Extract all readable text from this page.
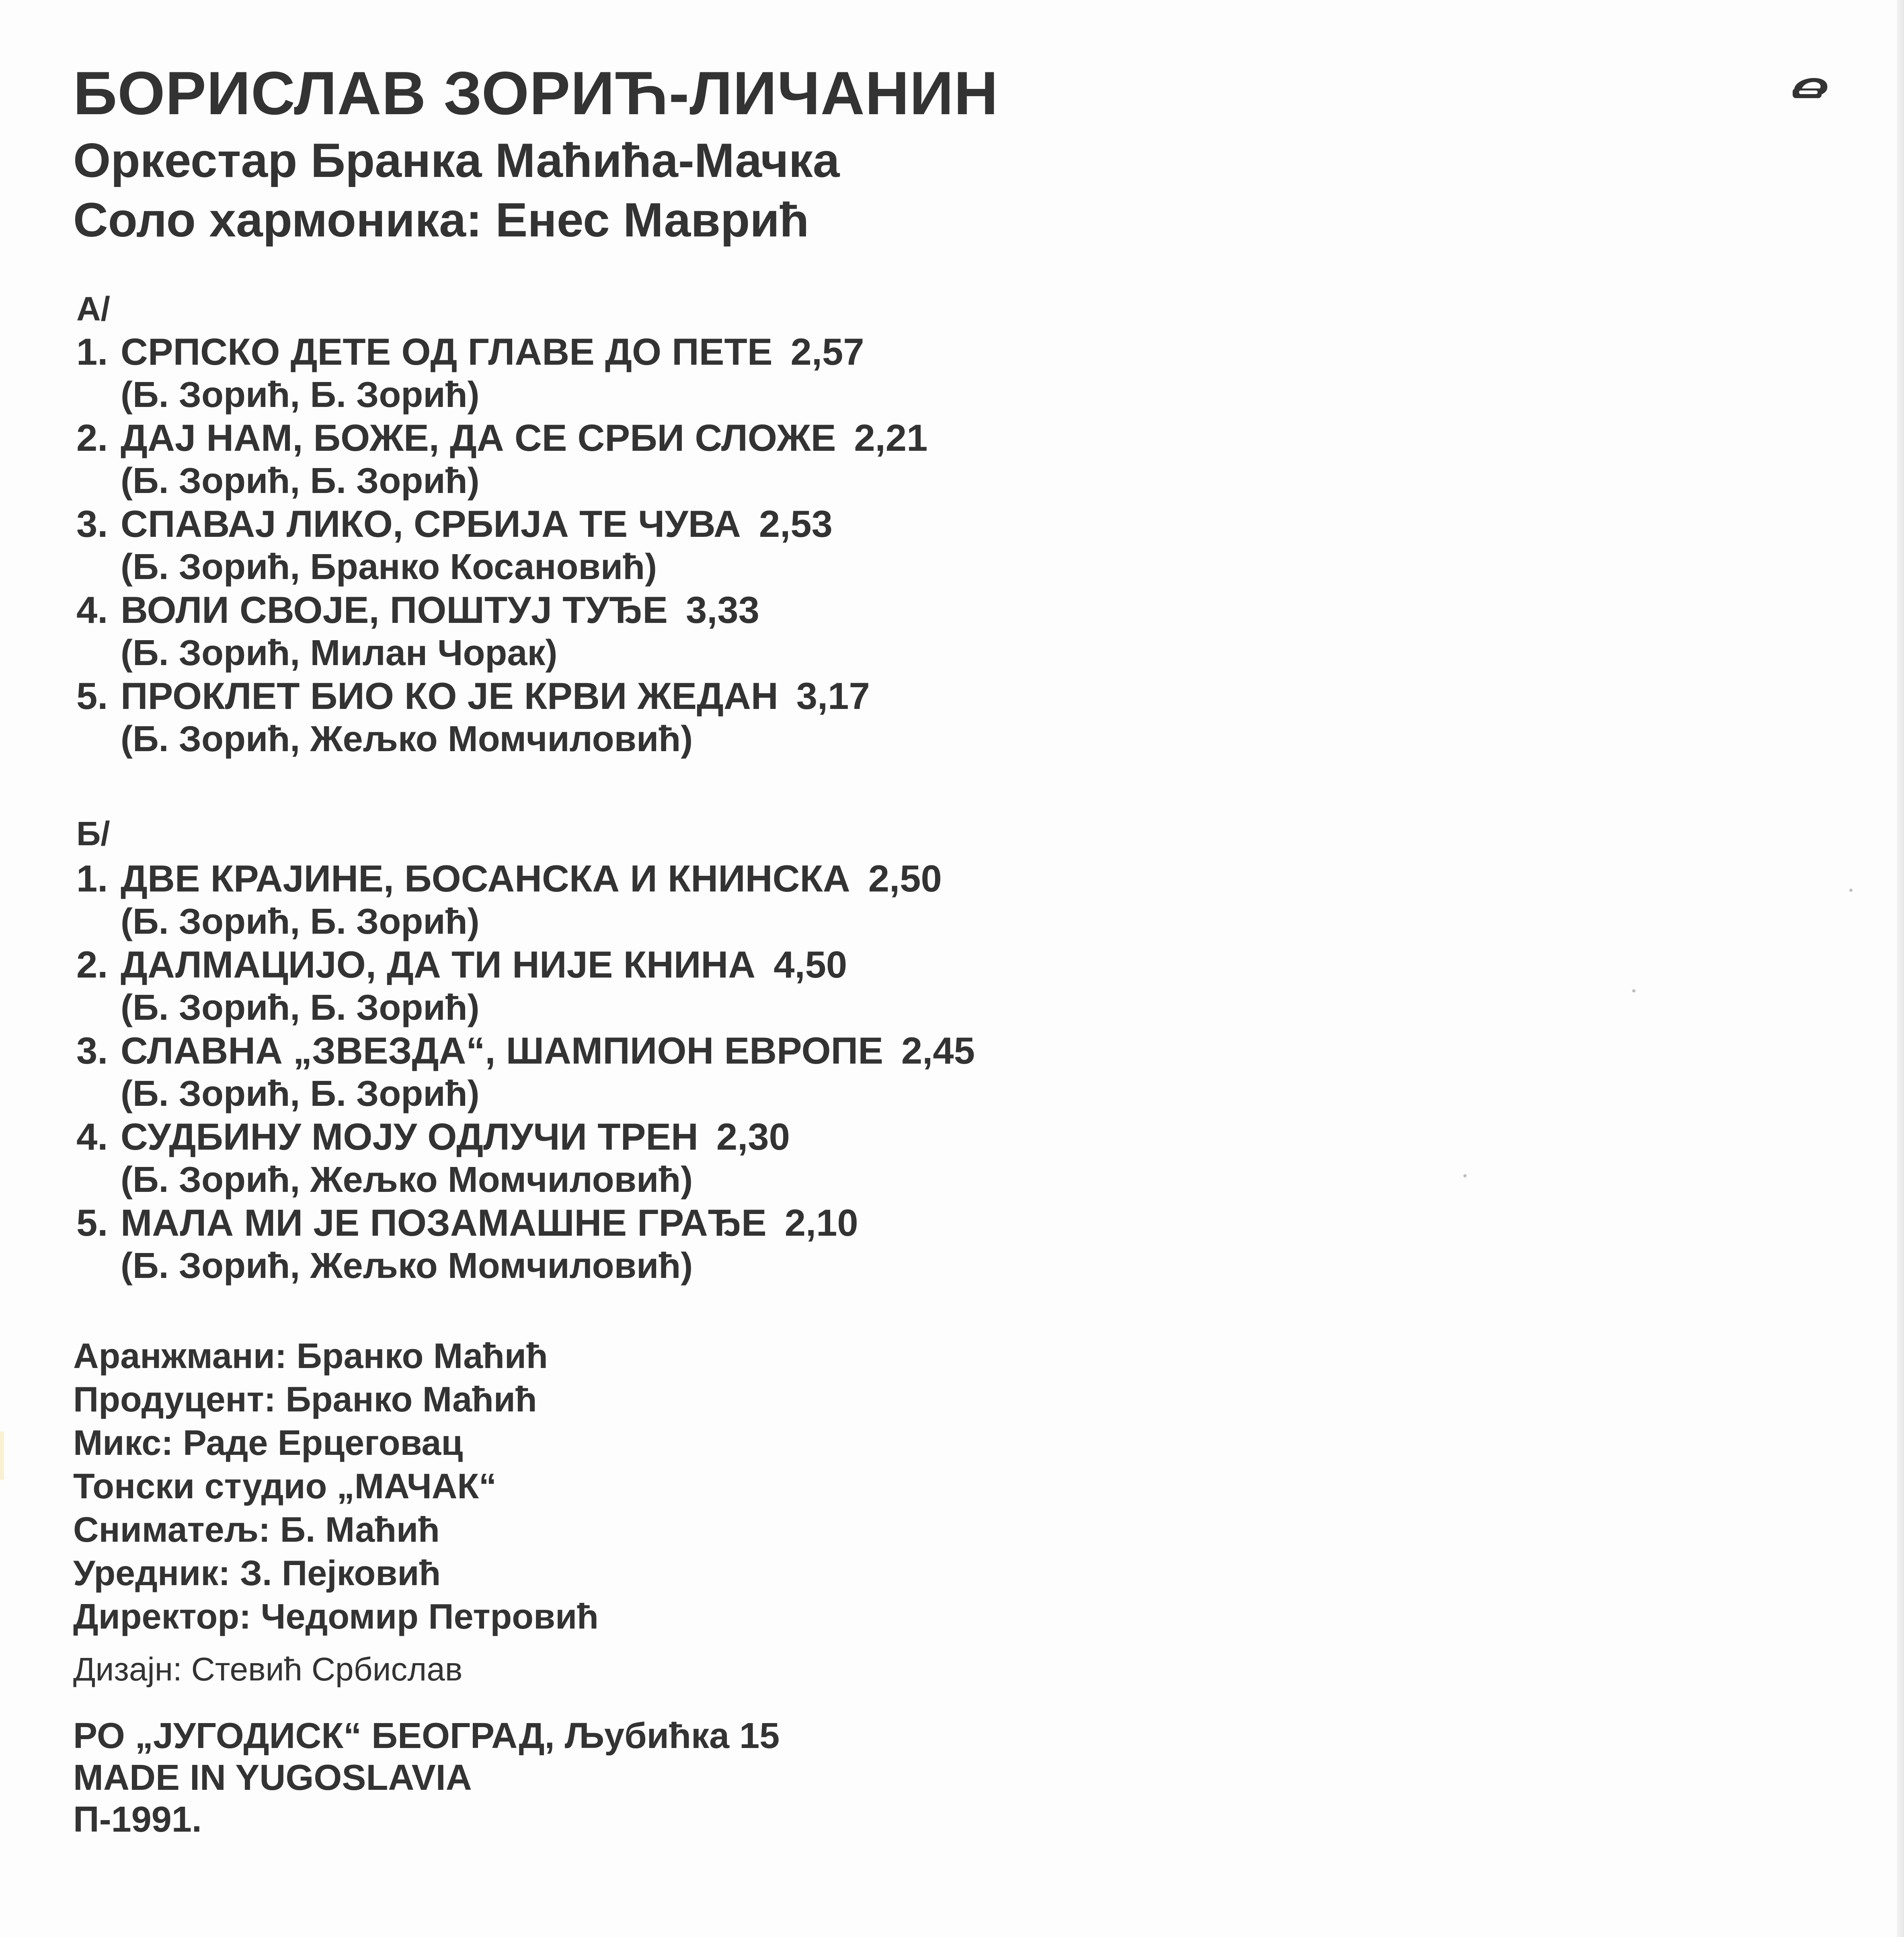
БОРИСЛАВ ЗОРИЋ-ЛИЧАНИН
Оркестар Бранка Маћића-Мачка
Соло хармоника: Енес Маврић
А/
1. СРПСКО ДЕТЕ ОД ГЛАВЕ ДО ПЕТЕ 2,57
(Б. Зорић, Б. Зорић)
2. ДАЈ НАМ, БОЖЕ, ДА СЕ СРБИ СЛОЖЕ 2,21
(Б. Зорић, Б. Зорић)
3. СПАВАЈ ЛИКО, СРБИЈА ТЕ ЧУВА 2,53
(Б. Зорић, Бранко Косановић)
4. ВОЛИ СВОЈЕ, ПОШТУЈ ТУЂЕ 3,33
(Б. Зорић, Милан Чорак)
5. ПРОКЛЕТ БИО КО ЈЕ КРВИ ЖЕДАН 3,17
(Б. Зорић, Жељко Момчиловић)
Б/
1. ДВЕ КРАЈИНЕ, БОСАНСКА И КНИНСКА 2,50
(Б. Зорић, Б. Зорић)
2. ДАЛМАЦИЈО, ДА ТИ НИЈЕ КНИНА 4,50
(Б. Зорић, Б. Зорић)
3. СЛАВНА „ЗВЕЗДА“, ШАМПИОН ЕВРОПЕ 2,45
(Б. Зорић, Б. Зорић)
4. СУДБИНУ МОЈУ ОДЛУЧИ ТРЕН 2,30
(Б. Зорић, Жељко Момчиловић)
5. МАЛА МИ ЈЕ ПОЗАМАШНЕ ГРАЂЕ 2,10
(Б. Зорић, Жељко Момчиловић)
Аранжмани: Бранко Маћић
Продуцент: Бранко Маћић
Микс: Раде Ерцеговац
Тонски студио „МАЧАК“
Сниматељ: Б. Маћић
Уредник: З. Пејковић
Директор: Чедомир Петровић
Дизајн: Стевић Србислав
РО „ЈУГОДИСК“ БЕОГРАД, Љубићка 15
MADE IN YUGOSLAVIA
П-1991.
